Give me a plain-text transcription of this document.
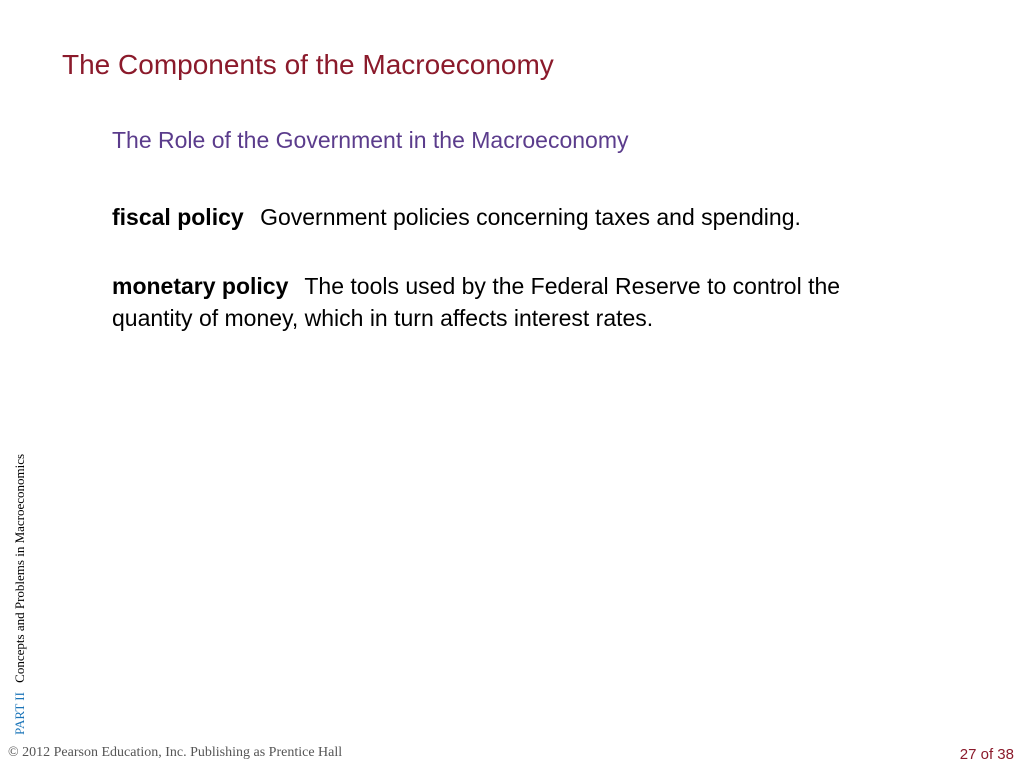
The Components of the Macroeconomy
The Role of the Government in the Macroeconomy

fiscal policy Government policies concerning taxes and spending.

monetary policy The tools used by the Federal Reserve to control the quantity of money, which in turn affects interest rates.

PART II Concepts and Problems in Macroeconomics
© 2012 Pearson Education, Inc. Publishing as Prentice Hall	27 of 38
